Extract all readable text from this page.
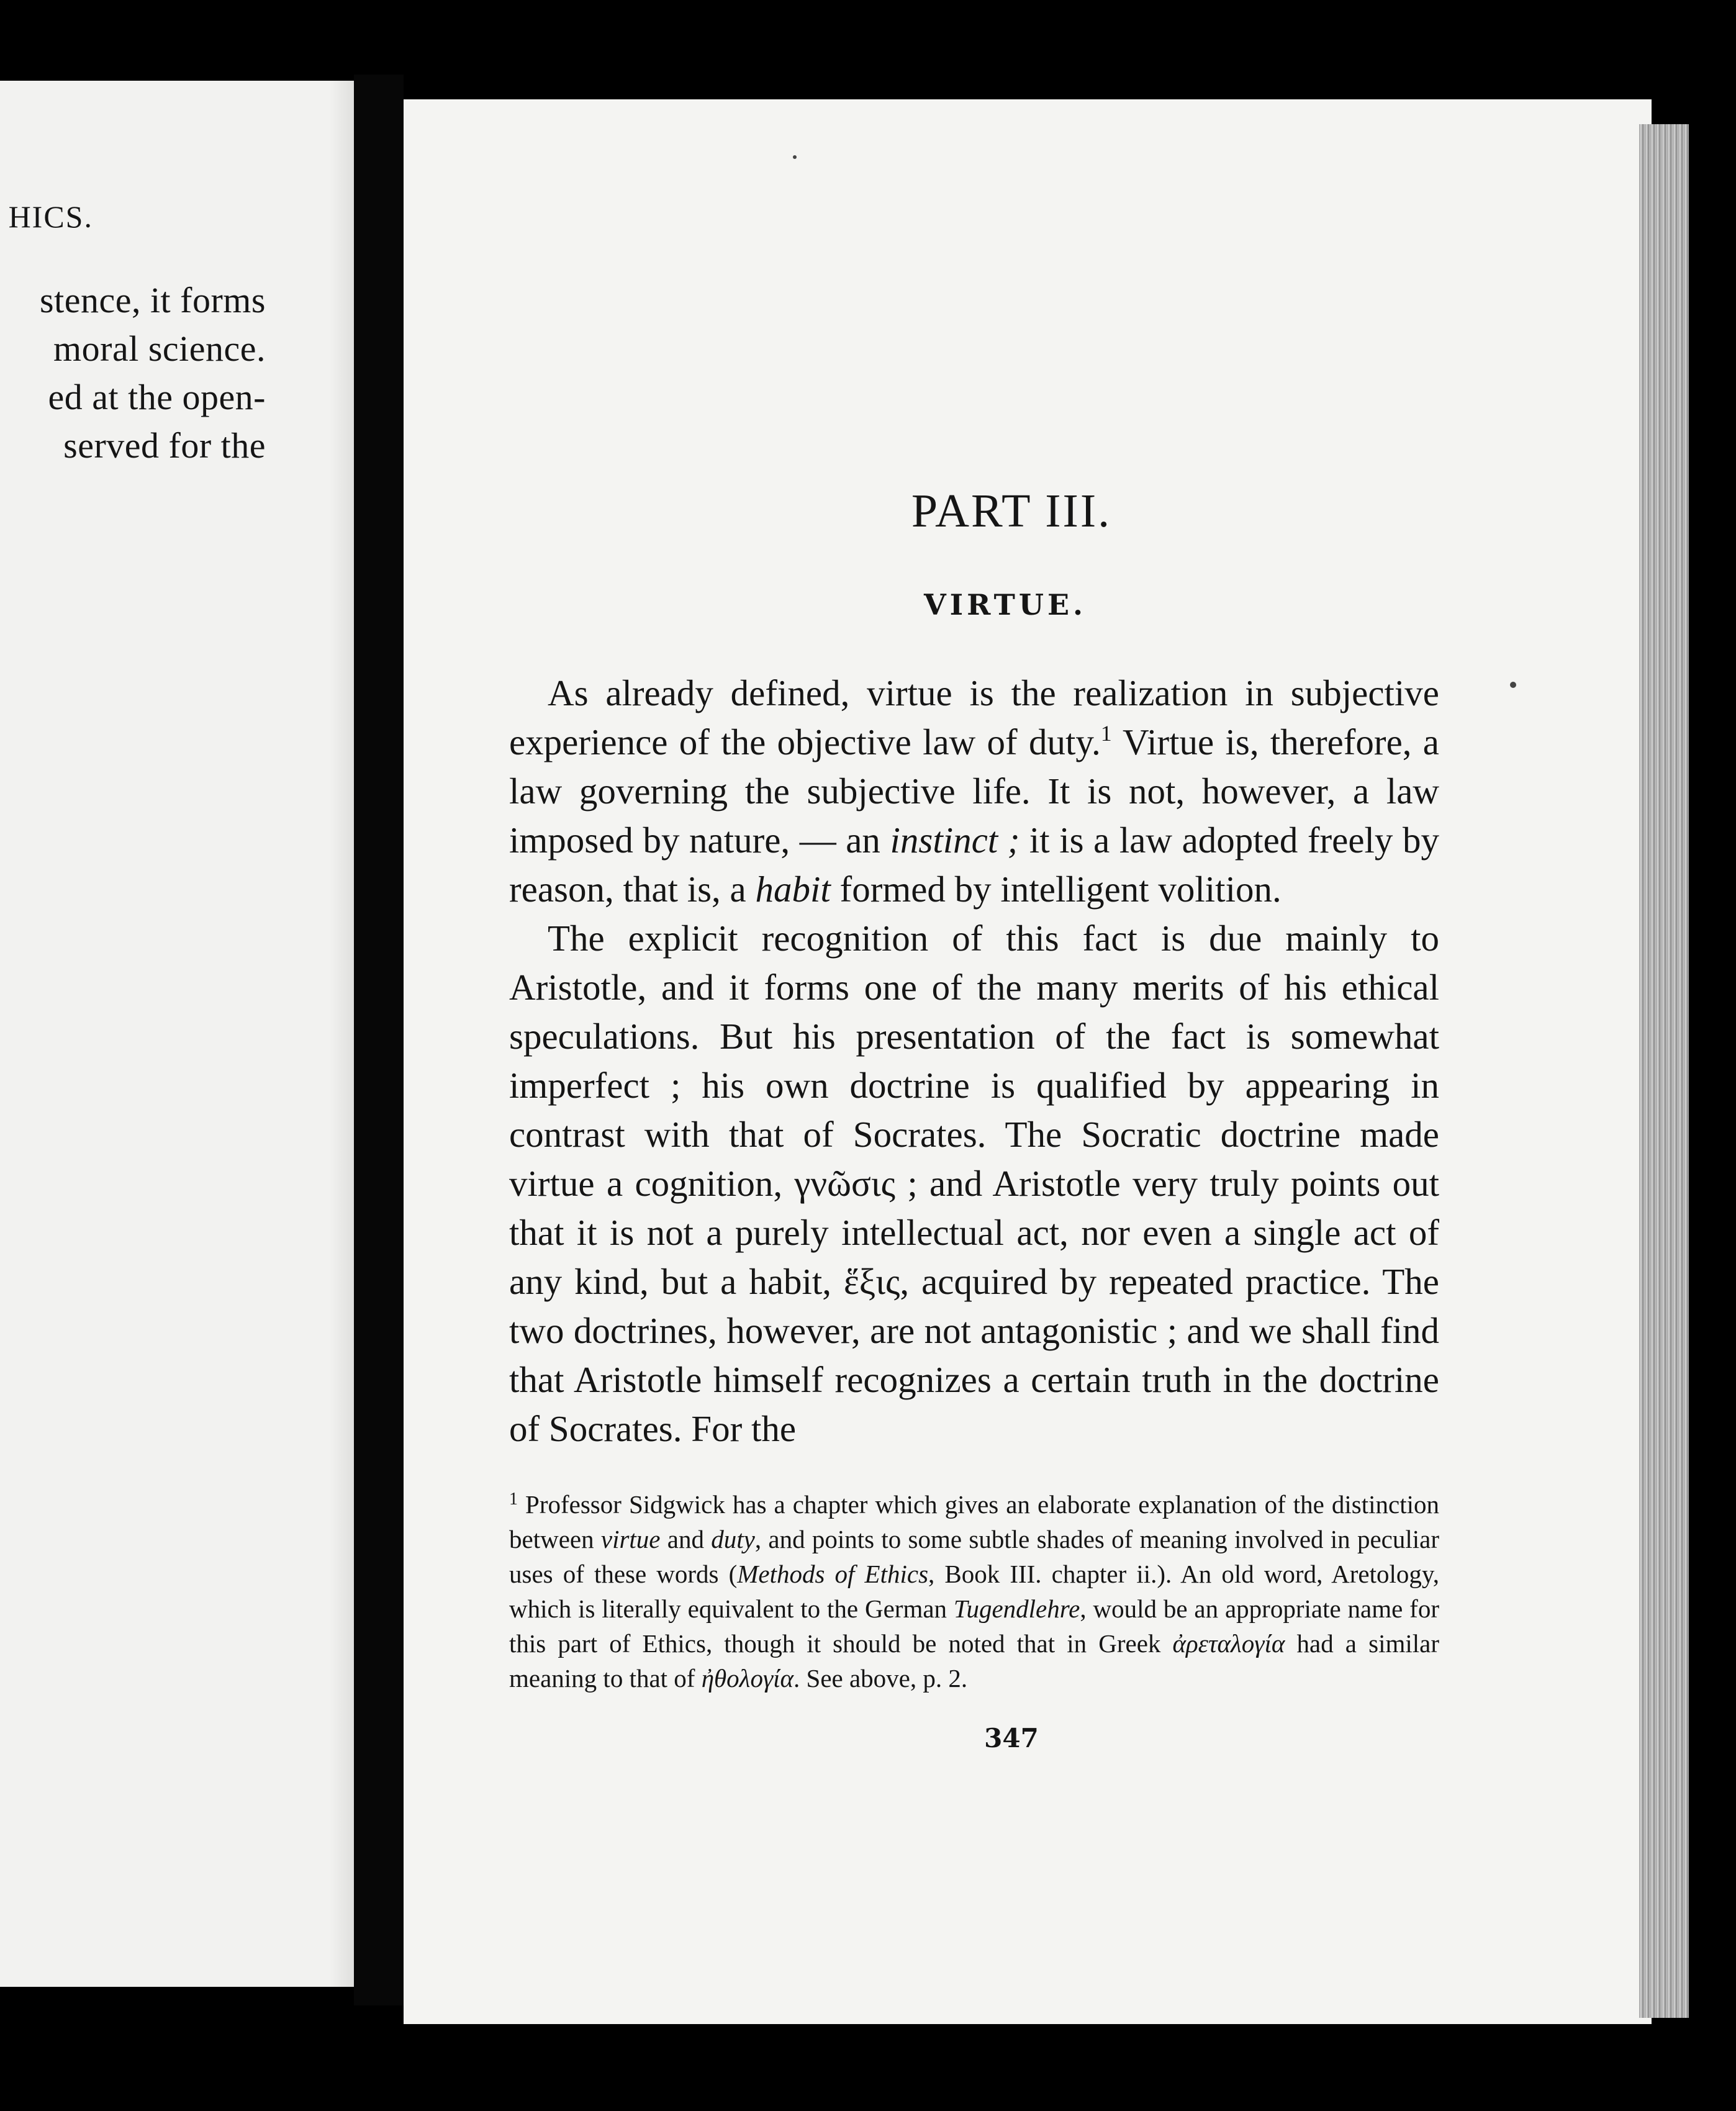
HICS.
stence, it forms
moral science.
ed at the open-
served for the
PART III.
VIRTUE.

As already defined, virtue is the realization in subjective experience of the objective law of duty.$^1$ Virtue is, therefore, a law governing the subjective life. It is not, however, a law imposed by nature, — an instinct ; it is a law adopted freely by reason, that is, a habit formed by intelligent volition.

The explicit recognition of this fact is due mainly to Aristotle, and it forms one of the many merits of his ethical speculations. But his presentation of the fact is somewhat imperfect ; his own doctrine is qualified by appearing in contrast with that of Socrates. The Socratic doctrine made virtue a cognition, γνῶσις ; and Aristotle very truly points out that it is not a purely intellectual act, nor even a single act of any kind, but a habit, ἕξις, acquired by repeated practice. The two doctrines, however, are not antagonistic ; and we shall find that Aristotle himself recognizes a certain truth in the doctrine of Socrates. For the

$^1$ Professor Sidgwick has a chapter which gives an elaborate explanation of the distinction between virtue and duty, and points to some subtle shades of meaning involved in peculiar uses of these words (Methods of Ethics, Book III. chapter ii.). An old word, Aretology, which is literally equivalent to the German Tugendlehre, would be an appropriate name for this part of Ethics, though it should be noted that in Greek ἀρεταλογία had a similar meaning to that of ἠθολογία. See above, p. 2.

347
